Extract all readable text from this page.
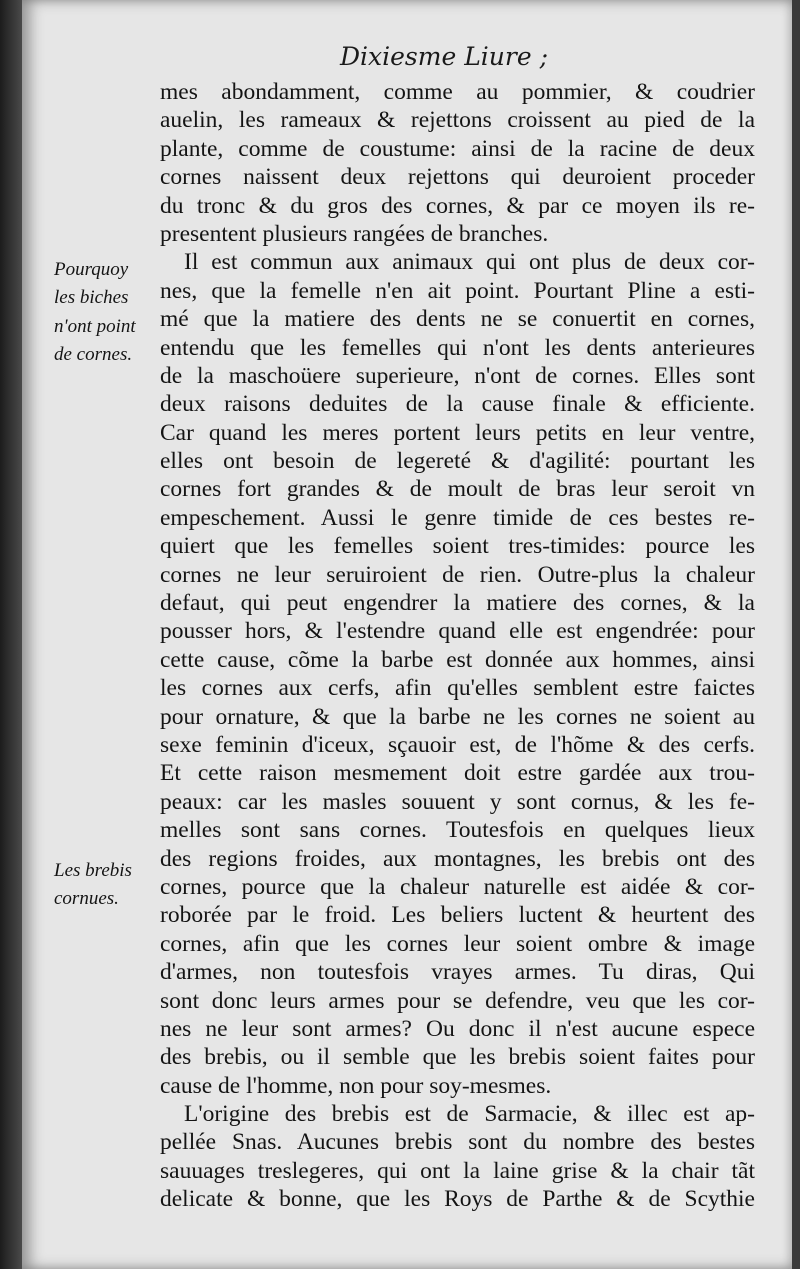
Dixiesme Liure ;
Pourquoy
les biches
n'ont point
de cornes.
Les brebis
cornues.
mes abondamment, comme au pommier, & coudrier
auelin, les rameaux & rejettons croissent au pied de la
plante, comme de coustume: ainsi de la racine de deux
cornes naissent deux rejettons qui deuroient proceder
du tronc & du gros des cornes, & par ce moyen ils re-
presentent plusieurs rangées de branches.
Il est commun aux animaux qui ont plus de deux cor-
nes, que la femelle n'en ait point. Pourtant Pline a esti-
mé que la matiere des dents ne se conuertit en cornes,
entendu que les femelles qui n'ont les dents anterieures
de la maschoüere superieure, n'ont de cornes. Elles sont
deux raisons deduites de la cause finale & efficiente.
Car quand les meres portent leurs petits en leur ventre,
elles ont besoin de legereté & d'agilité: pourtant les
cornes fort grandes & de moult de bras leur seroit vn
empeschement. Aussi le genre timide de ces bestes re-
quiert que les femelles soient tres-timides: pource les
cornes ne leur seruiroient de rien. Outre-plus la chaleur
defaut, qui peut engendrer la matiere des cornes, & la
pousser hors, & l'estendre quand elle est engendrée: pour
cette cause, cõme la barbe est donnée aux hommes, ainsi
les cornes aux cerfs, afin qu'elles semblent estre faictes
pour ornature, & que la barbe ne les cornes ne soient au
sexe feminin d'iceux, sçauoir est, de l'hõme & des cerfs.
Et cette raison mesmement doit estre gardée aux trou-
peaux: car les masles souuent y sont cornus, & les fe-
melles sont sans cornes. Toutesfois en quelques lieux
des regions froides, aux montagnes, les brebis ont des
cornes, pource que la chaleur naturelle est aidée & cor-
roborée par le froid. Les beliers luctent & heurtent des
cornes, afin que les cornes leur soient ombre & image
d'armes, non toutesfois vrayes armes. Tu diras, Qui
sont donc leurs armes pour se defendre, veu que les cor-
nes ne leur sont armes? Ou donc il n'est aucune espece
des brebis, ou il semble que les brebis soient faites pour
cause de l'homme, non pour soy-mesmes.
L'origine des brebis est de Sarmacie, & illec est ap-
pellée Snas. Aucunes brebis sont du nombre des bestes
sauuages treslegeres, qui ont la laine grise & la chair tãt
delicate & bonne, que les Roys de Parthe & de Scythie
